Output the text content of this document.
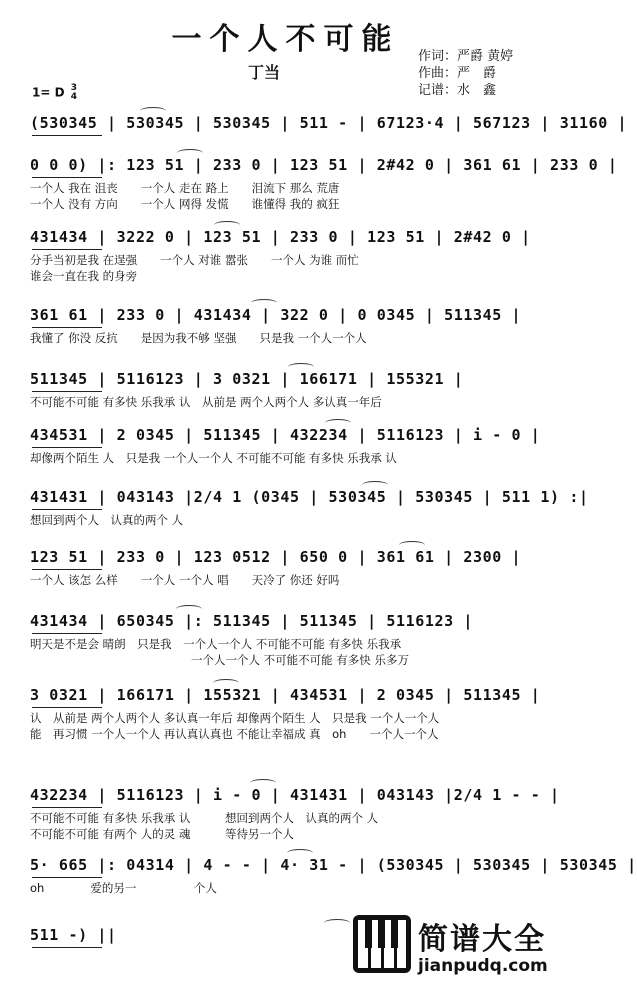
一个人不可能
丁当
作词：严爵 黄婷
作曲：严　爵
记谱：水　鑫
1= D 3
4
(530345 | 530345 | 530345 | 511 - | 67123·4 | 567123 | 31160 |
0 0 0) |: 123 51 | 233 0 | 123 51 | 2#42 0 | 361 61 | 233 0 |
一个人 我在 沮丧　　一个人 走在 路上　　泪流下 那么 荒唐
一个人 没有 方向　　一个人 网得 发慌　　谁懂得 我的 疯狂
431434 | 3222 0 | 123 51 | 233 0 | 123 51 | 2#42 0 |
分手当初是我 在逞强　　一个人 对谁 嚣张　　一个人 为谁 而忙
谁会一直在我 的身旁
361 61 | 233 0 | 431434 | 322 0 | 0 0345 | 511345 |
我懂了 你没 反抗　　是因为我不够 坚强　　只是我 一个人一个人
511345 | 5116123 | 3 0321 | 166171 | 155321 |
不可能不可能 有多快 乐我承 认　从前是 两个人两个人 多认真一年后
434531 | 2 0345 | 511345 | 432234 | 5116123 | i - 0 |
却像两个陌生 人　只是我 一个人一个人 不可能不可能 有多快 乐我承 认
431431 | 043143 |2/4 1 (0345 | 530345 | 530345 | 511 1) :|
想回到两个人　认真的两个 人
123 51 | 233 0 | 123 0512 | 650 0 | 361 61 | 2300 |
一个人 该怎 么样　　一个人 一个人 唱　　天冷了 你还 好吗
431434 | 650345 |: 511345 | 511345 | 5116123 |
明天是不是会 晴朗　只是我　一个人一个人 不可能不可能 有多快 乐我承
　　　　　　　　　　　　　　一个人一个人 不可能不可能 有多快 乐多万
3 0321 | 166171 | 155321 | 434531 | 2 0345 | 511345 |
认　从前是 两个人两个人 多认真一年后 却像两个陌生 人　只是我 一个人一个人
能　再习惯 一个人一个人 再认真认真也 不能让幸福成 真　oh　　一个人一个人
432234 | 5116123 | i - 0 | 431431 | 043143 |2/4 1 - - |
不可能不可能 有多快 乐我承 认　　　想回到两个人　认真的两个 人
不可能不可能 有两个 人的灵 魂　　　等待另一个人
5· 665 |: 04314 | 4 - - | 4· 31 - | (530345 | 530345 | 530345 |
oh　　　　爱的另一　　　　　个人
511 -) ||	简谱大全
jianpudq.com
